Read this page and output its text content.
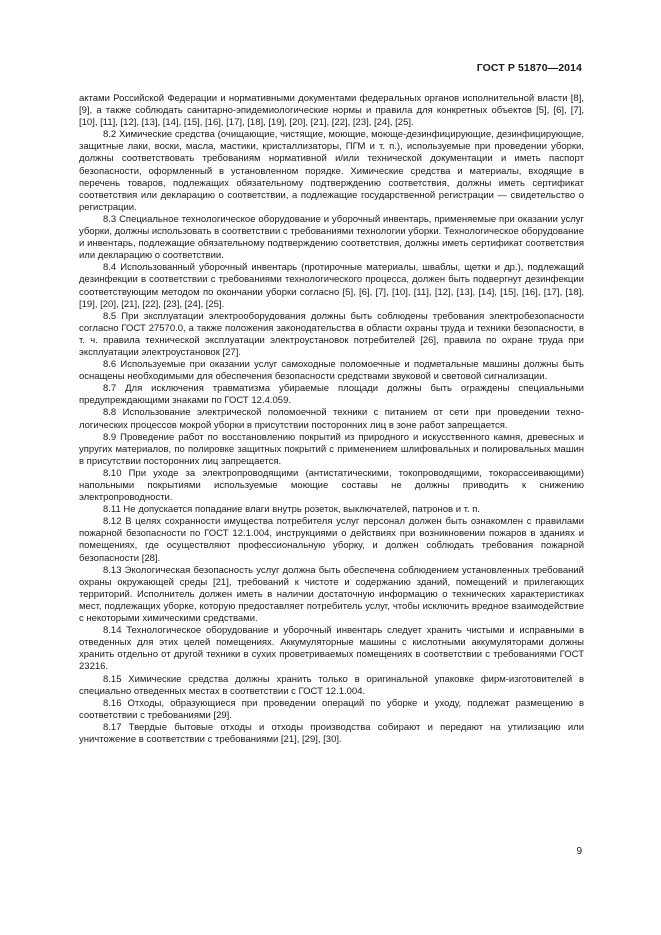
ГОСТ Р 51870—2014

актами Российской Федерации и нормативными документами федеральных органов исполнительной власти [8], [9], а также соблюдать санитарно-эпидемиологические нормы и правила для конкретных объектов [5], [6], [7], [10], [11], [12], [13], [14], [15], [16], [17], [18], [19], [20], [21], [22], [23], [24], [25].

8.2 Химические средства (очищающие, чистящие, моющие, моюще-дезинфицирующие, дезинфицирующие, защитные лаки, воски, масла, мастики, кристаллизаторы, ПГМ и т. п.), используемые при проведении уборки, должны соответствовать требованиям нормативной и/или технической документации и иметь паспорт безопасности, оформленный в установленном порядке. Химические средства и материалы, входящие в перечень товаров, подлежащих обязательному подтверждению соответствия, должны иметь сертификат соответствия или декларацию о соответствии, а подлежащие государственной регистрации — свидетельство о регистрации.

8.3 Специальное технологическое оборудование и уборочный инвентарь, применяемые при оказании услуг уборки, должны использовать в соответствии с требованиями технологии уборки. Технологическое оборудование и инвентарь, подлежащие обязательному подтверждению соответствия, должны иметь сертификат соответствия или декларацию о соответствии.

8.4 Использованный уборочный инвентарь (протирочные материалы, шваблы, щетки и др.), подлежащий дезинфекции в соответствии с требованиями технологического процесса, должен быть подвергнут дезинфекции соответствующим методом по окончании уборки согласно [5], [6], [7], [10], [11], [12], [13], [14], [15], [16], [17], [18], [19], [20], [21], [22], [23], [24], [25].

8.5 При эксплуатации электрооборудования должны быть соблюдены требования электробезопасности согласно ГОСТ 27570.0, а также положения законодательства в области охраны труда и техники безопасности, в т. ч. правила технической эксплуатации электроустановок потребителей [26], правила по охране труда при эксплуатации электроустановок [27].

8.6 Используемые при оказании услуг самоходные поломоечные и подметальные машины должны быть оснащены необходимыми для обеспечения безопасности средствами звуковой и световой сигнализации.

8.7 Для исключения травматизма убираемые площади должны быть ограждены специальными предупреждающими знаками по ГОСТ 12.4.059.

8.8 Использование электрической поломоечной техники с питанием от сети при проведении технологических процессов мокрой уборки в присутствии посторонних лиц в зоне работ запрещается.

8.9 Проведение работ по восстановлению покрытий из природного и искусственного камня, древесных и упругих материалов, по полировке защитных покрытий с применением шлифовальных и полировальных машин в присутствии посторонних лиц запрещается.

8.10 При уходе за электропроводящими (антистатическими, токопроводящими, токорассеивающими) напольными покрытиями используемые моющие составы не должны приводить к снижению электропроводности.

8.11 Не допускается попадание влаги внутрь розеток, выключателей, патронов и т. п.

8.12 В целях сохранности имущества потребителя услуг персонал должен быть ознакомлен с правилами пожарной безопасности по ГОСТ 12.1.004, инструкциями о действиях при возникновении пожаров в зданиях и помещениях, где осуществляют профессиональную уборку, и должен соблюдать требования пожарной безопасности [28].

8.13 Экологическая безопасность услуг должна быть обеспечена соблюдением установленных требований охраны окружающей среды [21], требований к чистоте и содержанию зданий, помещений и прилегающих территорий. Исполнитель должен иметь в наличии достаточную информацию о технических характеристиках мест, подлежащих уборке, которую предоставляет потребитель услуг, чтобы исключить вредное взаимодействие с некоторыми химическими средствами.

8.14 Технологическое оборудование и уборочный инвентарь следует хранить чистыми и исправными в отведенных для этих целей помещениях. Аккумуляторные машины с кислотными аккумуляторами должны хранить отдельно от другой техники в сухих проветриваемых помещениях в соответствии с требованиями ГОСТ 23216.

8.15 Химические средства должны хранить только в оригинальной упаковке фирм-изготовителей в специально отведенных местах в соответствии с ГОСТ 12.1.004.

8.16 Отходы, образующиеся при проведении операций по уборке и уходу, подлежат размещению в соответствии с требованиями [29].

8.17 Твердые бытовые отходы и отходы производства собирают и передают на утилизацию или уничтожение в соответствии с требованиями [21], [29], [30].

9
